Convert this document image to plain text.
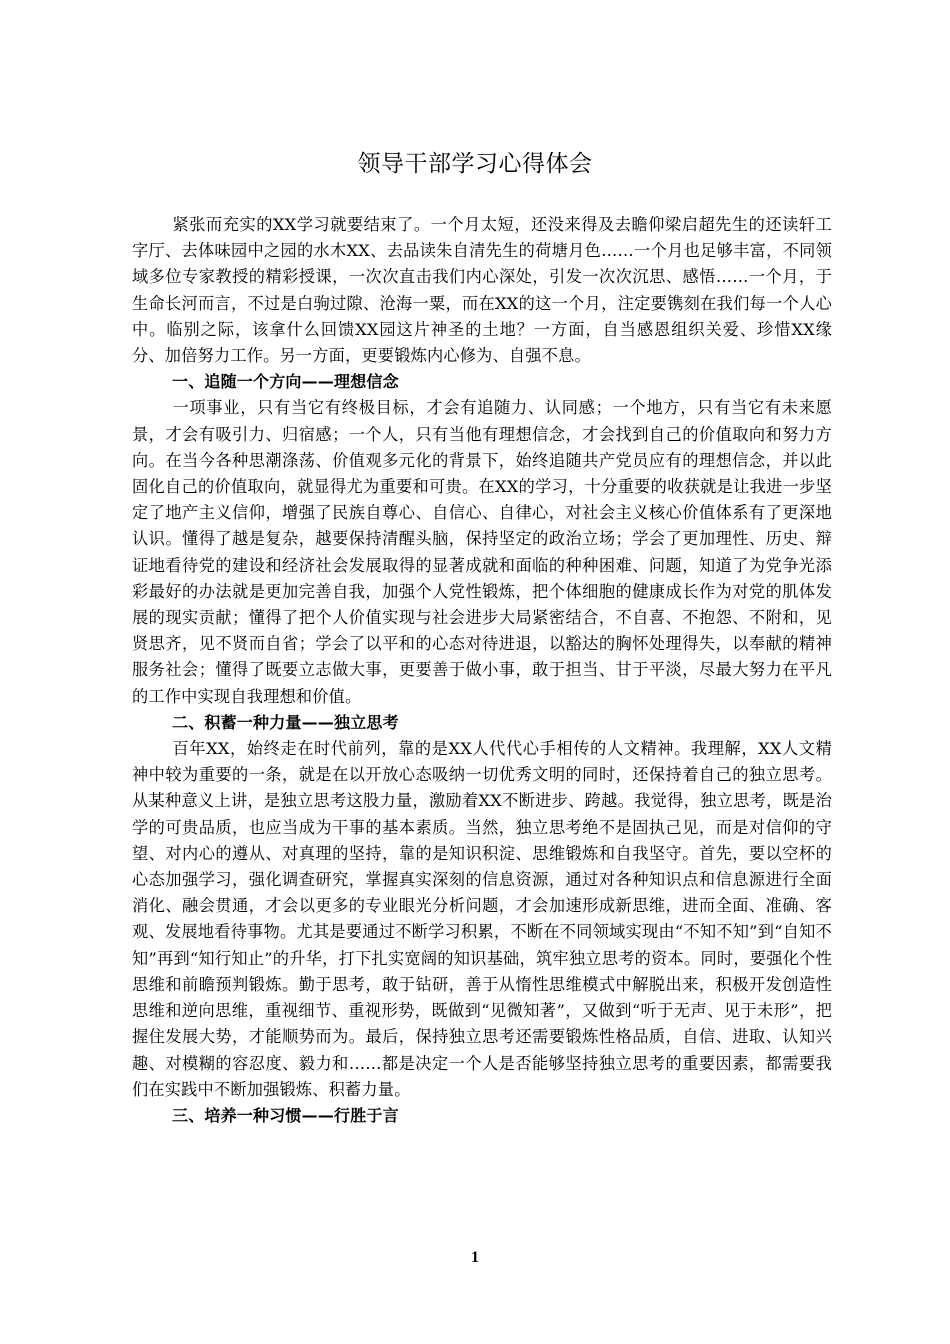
领导干部学习心得体会

紧张而充实的XX学习就要结束了。一个月太短，还没来得及去瞻仰梁启超先生的还读轩工字厅、去体味园中之园的水木XX、去品读朱自清先生的荷塘月色……一个月也足够丰富，不同领域多位专家教授的精彩授课，一次次直击我们内心深处，引发一次次沉思、感悟……一个月，于生命长河而言，不过是白驹过隙、沧海一粟，而在XX的这一个月，注定要镌刻在我们每一个人心中。临别之际，该拿什么回馈XX园这片神圣的土地？一方面，自当感恩组织关爱、珍惜XX缘分、加倍努力工作。另一方面，更要锻炼内心修为、自强不息。

一、追随一个方向——理想信念

一项事业，只有当它有终极目标，才会有追随力、认同感；一个地方，只有当它有未来愿景，才会有吸引力、归宿感；一个人，只有当他有理想信念，才会找到自己的价值取向和努力方向。在当今各种思潮涤荡、价值观多元化的背景下，始终追随共产党员应有的理想信念，并以此固化自己的价值取向，就显得尤为重要和可贵。在XX的学习，十分重要的收获就是让我进一步坚定了地产主义信仰，增强了民族自尊心、自信心、自律心，对社会主义核心价值体系有了更深地认识。懂得了越是复杂，越要保持清醒头脑，保持坚定的政治立场；学会了更加理性、历史、辩证地看待党的建设和经济社会发展取得的显著成就和面临的种种困难、问题，知道了为党争光添彩最好的办法就是更加完善自我，加强个人党性锻炼，把个体细胞的健康成长作为对党的肌体发展的现实贡献；懂得了把个人价值实现与社会进步大局紧密结合，不自喜、不抱怨、不附和，见贤思齐，见不贤而自省；学会了以平和的心态对待进退，以豁达的胸怀处理得失，以奉献的精神服务社会；懂得了既要立志做大事，更要善于做小事，敢于担当、甘于平淡，尽最大努力在平凡的工作中实现自我理想和价值。

二、积蓄一种力量——独立思考

百年XX，始终走在时代前列，靠的是XX人代代心手相传的人文精神。我理解，XX人文精神中较为重要的一条，就是在以开放心态吸纳一切优秀文明的同时，还保持着自己的独立思考。从某种意义上讲，是独立思考这股力量，激励着XX不断进步、跨越。我觉得，独立思考，既是治学的可贵品质，也应当成为干事的基本素质。当然，独立思考绝不是固执己见，而是对信仰的守望、对内心的遵从、对真理的坚持，靠的是知识积淀、思维锻炼和自我坚守。首先，要以空杯的心态加强学习，强化调查研究，掌握真实深刻的信息资源，通过对各种知识点和信息源进行全面消化、融会贯通，才会以更多的专业眼光分析问题，才会加速形成新思维，进而全面、准确、客观、发展地看待事物。尤其是要通过不断学习积累，不断在不同领域实现由“不知不知”到“自知不知”再到“知行知止”的升华，打下扎实宽阔的知识基础，筑牢独立思考的资本。同时，要强化个性思维和前瞻预判锻炼。勤于思考，敢于钻研，善于从惰性思维模式中解脱出来，积极开发创造性思维和逆向思维，重视细节、重视形势，既做到“见微知著”，又做到“听于无声、见于未形”，把握住发展大势，才能顺势而为。最后，保持独立思考还需要锻炼性格品质，自信、进取、认知兴趣、对模糊的容忍度、毅力和……都是决定一个人是否能够坚持独立思考的重要因素，都需要我们在实践中不断加强锻炼、积蓄力量。

三、培养一种习惯——行胜于言

1
